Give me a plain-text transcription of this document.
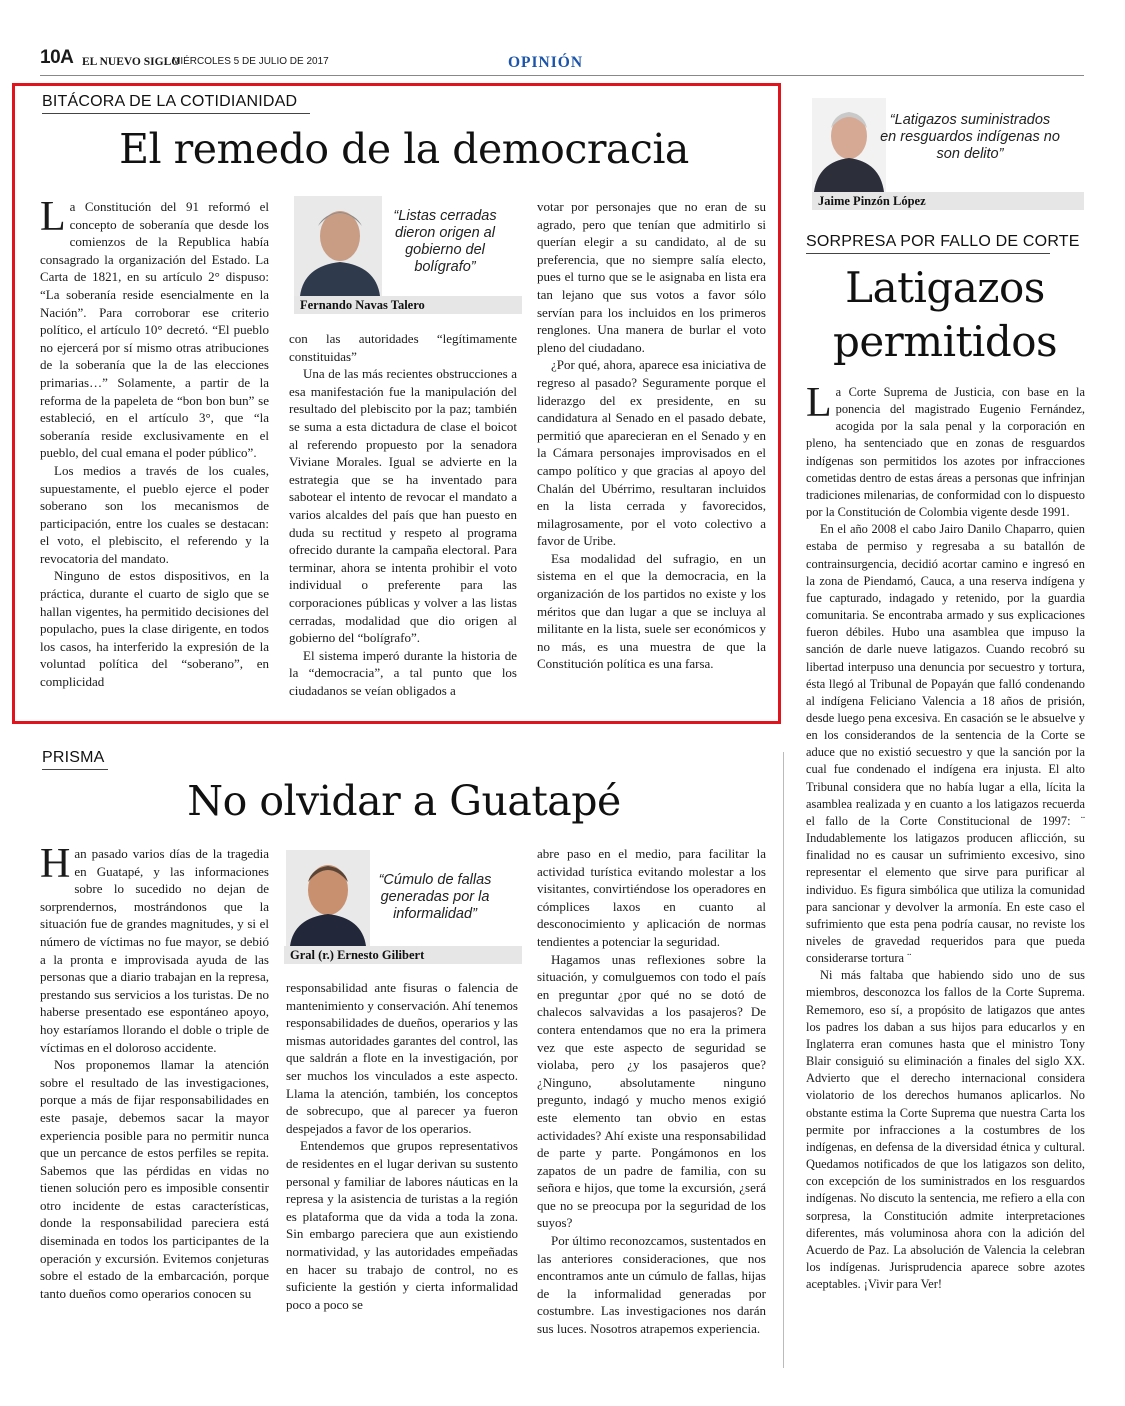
10A EL NUEVO SIGLO
MIÉRCOLES 5 DE JULIO DE 2017	OPINIÓN
BITÁCORA DE LA COTIDIANIDAD
El remedo de la democracia

La Constitución del 91 reformó el concepto de soberanía que desde los comienzos de la Republica había consagrado la organización del Estado. La Carta de 1821, en su artículo 2° dispuso: “La soberanía reside esencialmente en la Nación”. Para corroborar ese criterio político, el artículo 10° decretó. “El pueblo no ejercerá por sí mismo otras atribuciones de la soberanía que la de las elecciones primarias…” Solamente, a partir de la reforma de la papeleta de “bon bon bun” se estableció, en el artículo 3°, que “la soberanía reside exclusivamente en el pueblo, del cual emana el poder público”.

Los medios a través de los cuales, supuestamente, el pueblo ejerce el poder soberano son los mecanismos de participación, entre los cuales se destacan: el voto, el plebiscito, el referendo y la revocatoria del mandato.

Ninguno de estos dispositivos, en la práctica, durante el cuarto de siglo que se hallan vigentes, ha permitido decisiones del populacho, pues la clase dirigente, en todos los casos, ha interferido la expresión de la voluntad política del “soberano”, en complicidad

“Listas cerradas dieron origen al gobierno del bolígrafo”
Fernando Navas Talero

con las autoridades “legítimamente constituidas”

Una de las más recientes obstrucciones a esa manifestación fue la manipulación del resultado del plebiscito por la paz; también se suma a esta dictadura de clase el boicot al referendo propuesto por la senadora Viviane Morales. Igual se advierte en la estrategia que se ha inventado para sabotear el intento de revocar el mandato a varios alcaldes del país que han puesto en duda su rectitud y respeto al programa ofrecido durante la campaña electoral. Para terminar, ahora se intenta prohibir el voto individual o preferente para las corporaciones públicas y volver a las listas cerradas, modalidad que dio origen al gobierno del “bolígrafo”.

El sistema imperó durante la historia de la “democracia”, a tal punto que los ciudadanos se veían obligados a

votar por personajes que no eran de su agrado, pero que tenían que admitirlo si querían elegir a su candidato, al de su preferencia, que no siempre salía electo, pues el turno que se le asignaba en lista era tan lejano que sus votos a favor sólo servían para los incluidos en los primeros renglones. Una manera de burlar el voto pleno del ciudadano.

¿Por qué, ahora, aparece esa iniciativa de regreso al pasado? Seguramente porque el liderazgo del ex presidente, en su candidatura al Senado en el pasado debate, permitió que aparecieran en el Senado y en la Cámara personajes improvisados en el campo político y que gracias al apoyo del Chalán del Ubérrimo, resultaran incluidos en la lista cerrada y favorecidos, milagrosamente, por el voto colectivo a favor de Uribe.

Esa modalidad del sufragio, en un sistema en el que la democracia, en la organización de los partidos no existe y los méritos que dan lugar a que se incluya al militante en la lista, suele ser económicos y no más, es una muestra de que la Constitución política es una farsa.

PRISMA
No olvidar a Guatapé

Han pasado varios días de la tragedia en Guatapé, y las informaciones sobre lo sucedido no dejan de sorprendernos, mostrándonos que la situación fue de grandes magnitudes, y si el número de víctimas no fue mayor, se debió a la pronta e improvisada ayuda de las personas que a diario trabajan en la represa, prestando sus servicios a los turistas. De no haberse presentado ese espontáneo apoyo, hoy estaríamos llorando el doble o triple de víctimas en el doloroso accidente.

Nos proponemos llamar la atención sobre el resultado de las investigaciones, porque a más de fijar responsabilidades en este pasaje, debemos sacar la mayor experiencia posible para no permitir nunca que un percance de estos perfiles se repita. Sabemos que las pérdidas en vidas no tienen solución pero es imposible consentir otro incidente de estas características, donde la responsabilidad pareciera está diseminada en todos los participantes de la operación y excursión. Evitemos conjeturas sobre el estado de la embarcación, porque tanto dueños como operarios conocen su

“Cúmulo de fallas generadas por la informalidad”
Gral (r.) Ernesto Gilibert

responsabilidad ante fisuras o falencia de mantenimiento y conservación. Ahí tenemos responsabilidades de dueños, operarios y las mismas autoridades garantes del control, las que saldrán a flote en la investigación, por ser muchos los vinculados a este aspecto. Llama la atención, también, los conceptos de sobrecupo, que al parecer ya fueron despejados a favor de los operarios.

Entendemos que grupos representativos de residentes en el lugar derivan su sustento personal y familiar de labores náuticas en la represa y la asistencia de turistas a la región es plataforma que da vida a toda la zona. Sin embargo pareciera que aun existiendo normatividad, y las autoridades empeñadas en hacer su trabajo de control, no es suficiente la gestión y cierta informalidad poco a poco se

abre paso en el medio, para facilitar la actividad turística evitando molestar a los visitantes, convirtiéndose los operadores en cómplices laxos en cuanto al desconocimiento y aplicación de normas tendientes a potenciar la seguridad.

Hagamos unas reflexiones sobre la situación, y comulguemos con todo el país en preguntar ¿por qué no se dotó de chalecos salvavidas a los pasajeros? De contera entendamos que no era la primera vez que este aspecto de seguridad se violaba, pero ¿y los pasajeros que? ¿Ninguno, absolutamente ninguno pregunto, indagó y mucho menos exigió este elemento tan obvio en estas actividades? Ahí existe una responsabilidad de parte y parte. Pongámonos en los zapatos de un padre de familia, con su señora e hijos, que tome la excursión, ¿será que no se preocupa por la seguridad de los suyos?

Por último reconozcamos, sustentados en las anteriores consideraciones, que nos encontramos ante un cúmulo de fallas, hijas de la informalidad generadas por costumbre. Las investigaciones nos darán sus luces. Nosotros atrapemos experiencia.

“Latigazos suministrados en resguardos indígenas no son delito”
Jaime Pinzón López
SORPRESA POR FALLO DE CORTE
Latigazos
permitidos

La Corte Suprema de Justicia, con base en la ponencia del magistrado Eugenio Fernández, acogida por la sala penal y la corporación en pleno, ha sentenciado que en zonas de resguardos indígenas son permitidos los azotes por infracciones cometidas dentro de estas áreas a personas que infrinjan tradiciones milenarias, de conformidad con lo dispuesto por la Constitución de Colombia vigente desde 1991.

En el año 2008 el cabo Jairo Danilo Chaparro, quien estaba de permiso y regresaba a su batallón de contrainsurgencia, decidió acortar camino e ingresó en la zona de Piendamó, Cauca, a una reserva indígena y fue capturado, indagado y retenido, por la guardia comunitaria. Se encontraba armado y sus explicaciones fueron débiles. Hubo una asamblea que impuso la sanción de darle nueve latigazos. Cuando recobró su libertad interpuso una denuncia por secuestro y tortura, ésta llegó al Tribunal de Popayán que falló condenando al indígena Feliciano Valencia a 18 años de prisión, desde luego pena excesiva. En casación se le absuelve y en los considerandos de la sentencia de la Corte se aduce que no existió secuestro y que la sanción por la cual fue condenado el indígena era injusta. El alto Tribunal considera que no había lugar a ella, lícita la asamblea realizada y en cuanto a los latigazos recuerda el fallo de la Corte Constitucional de 1997: ¨ Indudablemente los latigazos producen aflicción, su finalidad no es causar un sufrimiento excesivo, sino representar el elemento que sirve para purificar al individuo. Es figura simbólica que utiliza la comunidad para sancionar y devolver la armonía. En este caso el sufrimiento que esta pena podría causar, no reviste los niveles de gravedad requeridos para que pueda considerarse tortura ¨

Ni más faltaba que habiendo sido uno de sus miembros, desconozca los fallos de la Corte Suprema. Rememoro, eso sí, a propósito de latigazos que antes los padres los daban a sus hijos para educarlos y en Inglaterra eran comunes hasta que el ministro Tony Blair consiguió su eliminación a finales del siglo XX. Advierto que el derecho internacional considera violatorio de los derechos humanos aplicarlos. No obstante estima la Corte Suprema que nuestra Carta los permite por infracciones a la costumbres de los indígenas, en defensa de la diversidad étnica y cultural. Quedamos notificados de que los latigazos son delito, con excepción de los suministrados en los resguardos indígenas. No discuto la sentencia, me refiero a ella con sorpresa, la Constitución admite interpretaciones diferentes, más voluminosa ahora con la adición del Acuerdo de Paz. La absolución de Valencia la celebran los indígenas. Jurisprudencia aparece sobre azotes aceptables. ¡Vivir para Ver!
